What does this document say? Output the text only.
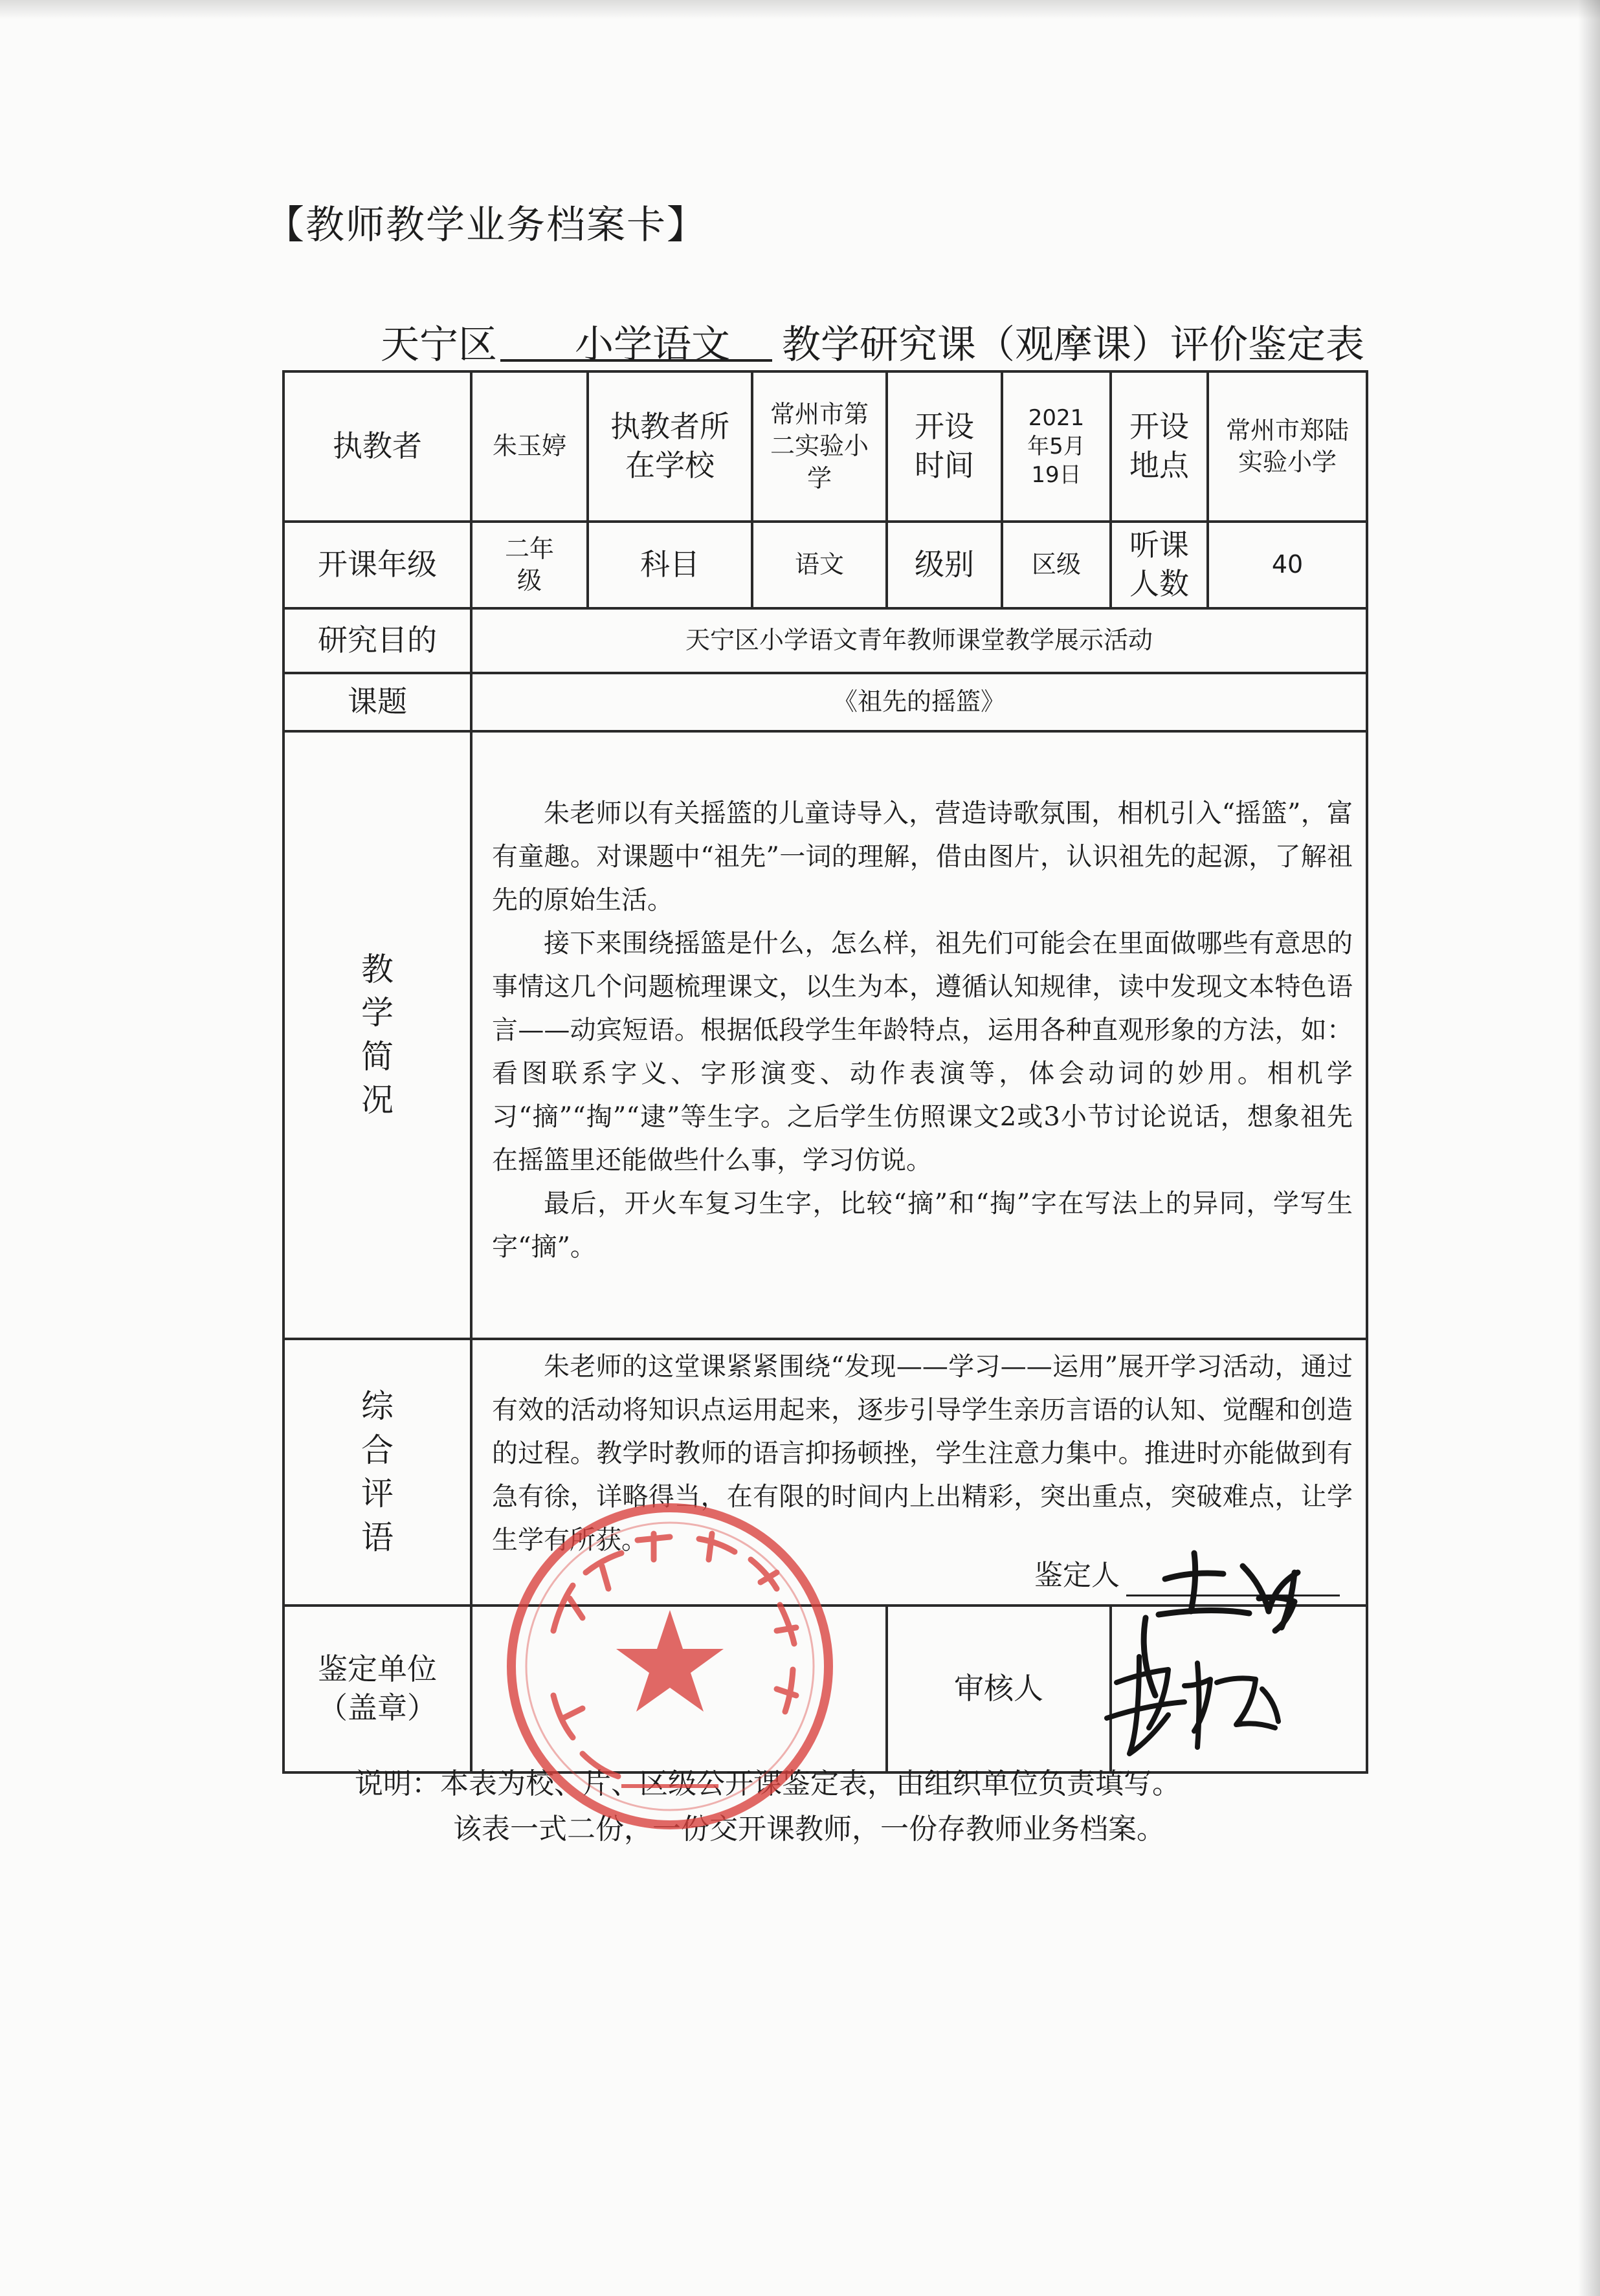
【教师教学业务档案卡】
天宁区 小学语文 教学研究课（观摩课）评价鉴定表
执教者	朱玉婷	执教者所在学校	常州市第二实验小学	开设时间	2021年5月19日	开设地点	常州市郑陆实验小学
开课年级	二年级	科目	语文	级别	区级	听课人数	40
研究目的	天宁区小学语文青年教师课堂教学展示活动						
课题	《祖先的摇篮》						
教学简况	朱老师以有关摇篮的儿童诗导入，营造诗歌氛围，相机引入“摇篮”，富有童趣。对课题中“祖先”一词的理解，借由图片，认识祖先的起源，了解祖先的原始生活。

接下来围绕摇篮是什么，怎么样，祖先们可能会在里面做哪些有意思的事情这几个问题梳理课文，以生为本，遵循认知规律，读中发现文本特色语言——动宾短语。根据低段学生年龄特点，运用各种直观形象的方法，如：看图联系字义、字形演变、动作表演等，体会动词的妙用。相机学习“摘”“掏”“逮”等生字。之后学生仿照课文2或3小节讨论说话，想象祖先在摇篮里还能做些什么事，学习仿说。

最后，开火车复习生字，比较“摘”和“掏”字在写法上的异同，学写生字“摘”。						

综合评语	朱老师的这堂课紧紧围绕“发现——学习——运用”展开学习活动，通过有效的活动将知识点运用起来，逐步引导学生亲历言语的认知、觉醒和创造的过程。教学时教师的语言抑扬顿挫，学生注意力集中。推进时亦能做到有急有徐，详略得当，在有限的时间内上出精彩，突出重点，突破难点，让学生学有所获。

鉴定人						

鉴定单位（盖章）				审核人			
说明：本表为校、片、区级公开课鉴定表，由组织单位负责填写。
该表一式二份，一份交开课教师，一份存教师业务档案。
